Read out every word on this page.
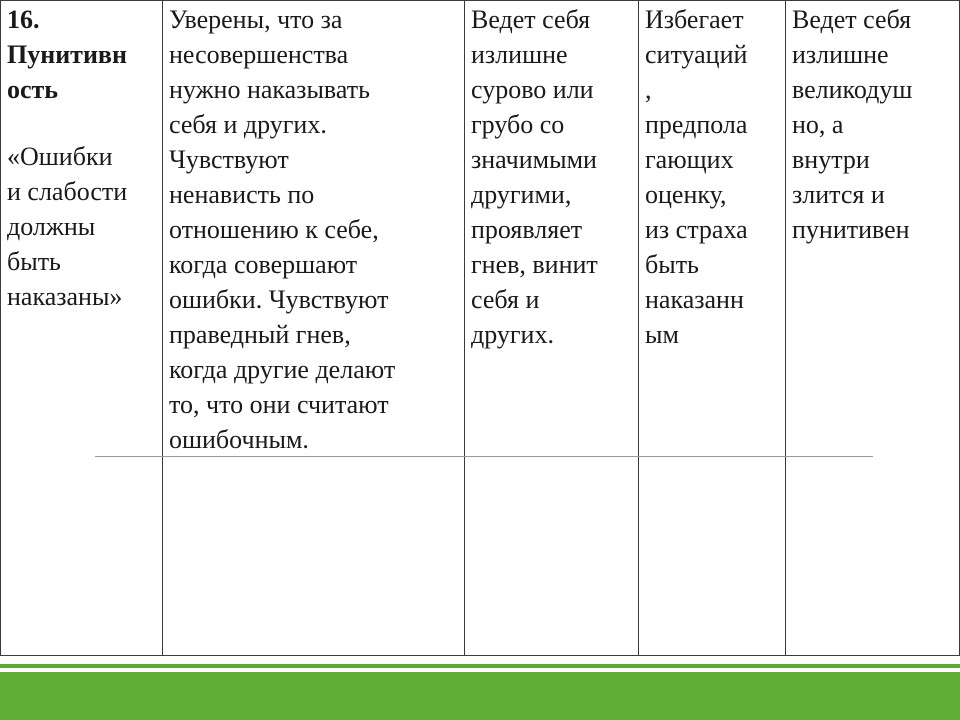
16.
Пунитивн
ость
«Ошибки
и слабости
должны
быть
наказаны»

Уверены, что за
несовершенства
нужно наказывать
себя и других.
Чувствуют
ненависть по
отношению к себе,
когда совершают
ошибки. Чувствуют
праведный гнев,
когда другие делают
то, что они считают
ошибочным.

Ведет себя
излишне
сурово или
грубо со
значимыми
другими,
проявляет
гнев, винит
себя и
других.

Избегает
ситуаций
,
предпола
гающих
оценку,
из страха
быть
наказанн
ым

Ведет себя
излишне
великодуш
но, а
внутри
злится и
пунитивен
